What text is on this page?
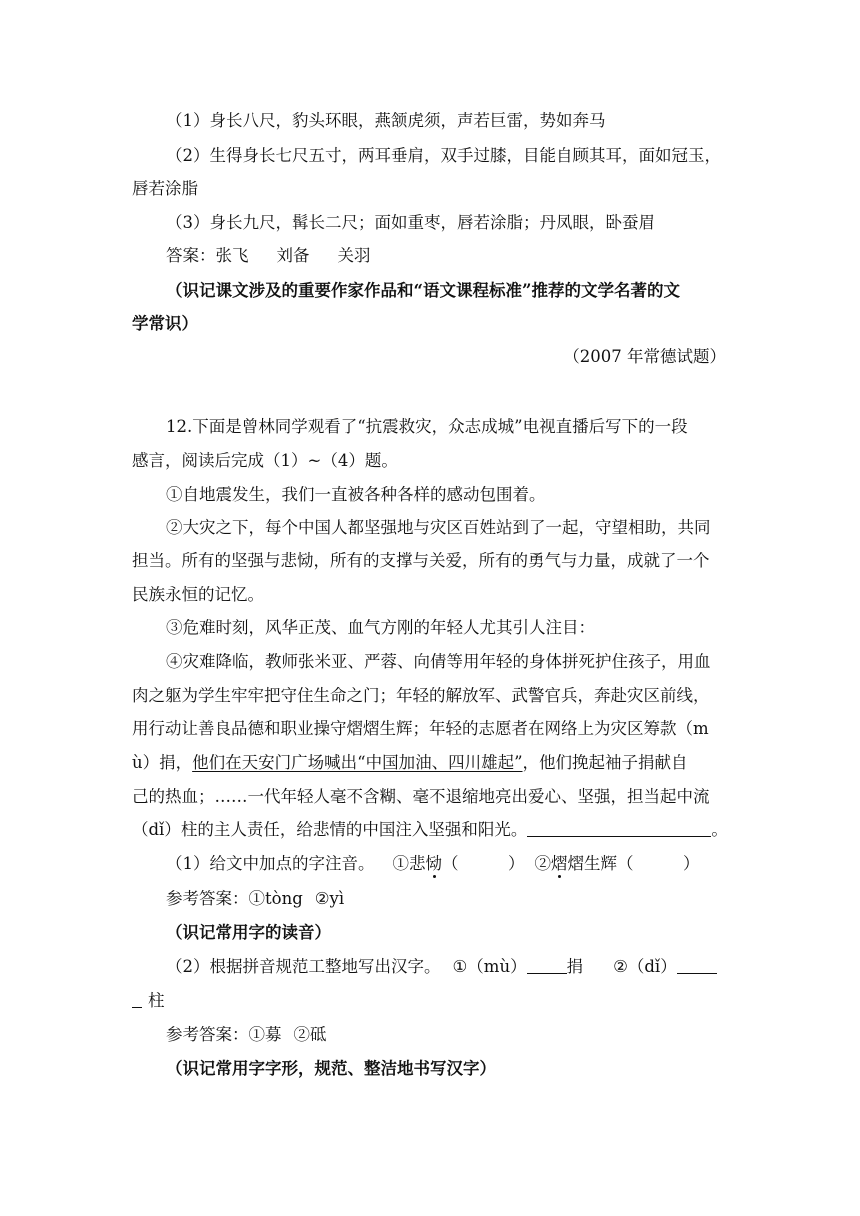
（1）身长八尺，豹头环眼，燕颔虎须，声若巨雷，势如奔马
（2）生得身长七尺五寸，两耳垂肩，双手过膝，目能自顾其耳，面如冠玉，
唇若涂脂
（3）身长九尺，髯长二尺；面如重枣，唇若涂脂；丹凤眼，卧蚕眉
答案：张飞 刘备 关羽
（识记课文涉及的重要作家作品和“语文课程标准”推荐的文学名著的文
学常识）
（2007 年常德试题）
12.下面是曾林同学观看了“抗震救灾，众志成城”电视直播后写下的一段
感言，阅读后完成（1）~（4）题。
①自地震发生，我们一直被各种各样的感动包围着。
②大灾之下，每个中国人都坚强地与灾区百姓站到了一起，守望相助，共同
担当。所有的坚强与悲恸，所有的支撑与关爱，所有的勇气与力量，成就了一个
民族永恒的记忆。
③危难时刻，风华正茂、血气方刚的年轻人尤其引人注目：
④灾难降临，教师张米亚、严蓉、向倩等用年轻的身体拼死护住孩子，用血
肉之躯为学生牢牢把守住生命之门；年轻的解放军、武警官兵，奔赴灾区前线，
用行动让善良品德和职业操守熠熠生辉；年轻的志愿者在网络上为灾区筹款（m
ù）捐，他们在天安门广场喊出“中国加油、四川雄起”，他们挽起袖子捐献自
己的热血；……一代年轻人毫不含糊、毫不退缩地亮出爱心、坚强，担当起中流
（dǐ）柱的主人责任，给悲情的中国注入坚强和阳光。	。
（1）给文中加点的字注音。 ①悲恸（　　　） ②熠熠生辉（　　　）
参考答案：①tòng ②yì
（识记常用字的读音）
（2）根据拼音规范工整地写出汉字。 ①（mù） 捐 ②（dǐ）
柱
参考答案：①募 ②砥
（识记常用字字形，规范、整洁地书写汉字）
